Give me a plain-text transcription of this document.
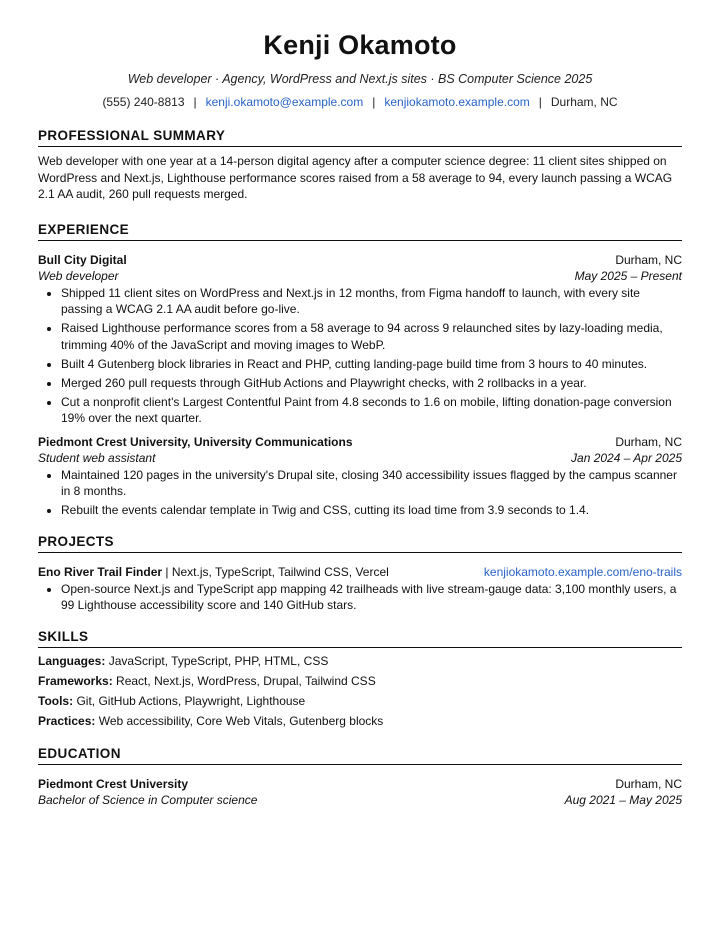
Kenji Okamoto
Web developer · Agency, WordPress and Next.js sites · BS Computer Science 2025
(555) 240-8813 | kenji.okamoto@example.com | kenjiokamoto.example.com | Durham, NC
PROFESSIONAL SUMMARY
Web developer with one year at a 14-person digital agency after a computer science degree: 11 client sites shipped on WordPress and Next.js, Lighthouse performance scores raised from a 58 average to 94, every launch passing a WCAG 2.1 AA audit, 260 pull requests merged.
EXPERIENCE
Bull City Digital	Durham, NC
Web developer	May 2025 – Present
• Shipped 11 client sites on WordPress and Next.js in 12 months, from Figma handoff to launch, with every site passing a WCAG 2.1 AA audit before go-live.
• Raised Lighthouse performance scores from a 58 average to 94 across 9 relaunched sites by lazy-loading media, trimming 40% of the JavaScript and moving images to WebP.
• Built 4 Gutenberg block libraries in React and PHP, cutting landing-page build time from 3 hours to 40 minutes.
• Merged 260 pull requests through GitHub Actions and Playwright checks, with 2 rollbacks in a year.
• Cut a nonprofit client's Largest Contentful Paint from 4.8 seconds to 1.6 on mobile, lifting donation-page conversion 19% over the next quarter.
Piedmont Crest University, University Communications	Durham, NC
Student web assistant	Jan 2024 – Apr 2025
• Maintained 120 pages in the university's Drupal site, closing 340 accessibility issues flagged by the campus scanner in 8 months.
• Rebuilt the events calendar template in Twig and CSS, cutting its load time from 3.9 seconds to 1.4.
PROJECTS
Eno River Trail Finder | Next.js, TypeScript, Tailwind CSS, Vercel	kenjiokamoto.example.com/eno-trails
• Open-source Next.js and TypeScript app mapping 42 trailheads with live stream-gauge data: 3,100 monthly users, a 99 Lighthouse accessibility score and 140 GitHub stars.
SKILLS
Languages: JavaScript, TypeScript, PHP, HTML, CSS
Frameworks: React, Next.js, WordPress, Drupal, Tailwind CSS
Tools: Git, GitHub Actions, Playwright, Lighthouse
Practices: Web accessibility, Core Web Vitals, Gutenberg blocks
EDUCATION
Piedmont Crest University	Durham, NC
Bachelor of Science in Computer science	Aug 2021 – May 2025
